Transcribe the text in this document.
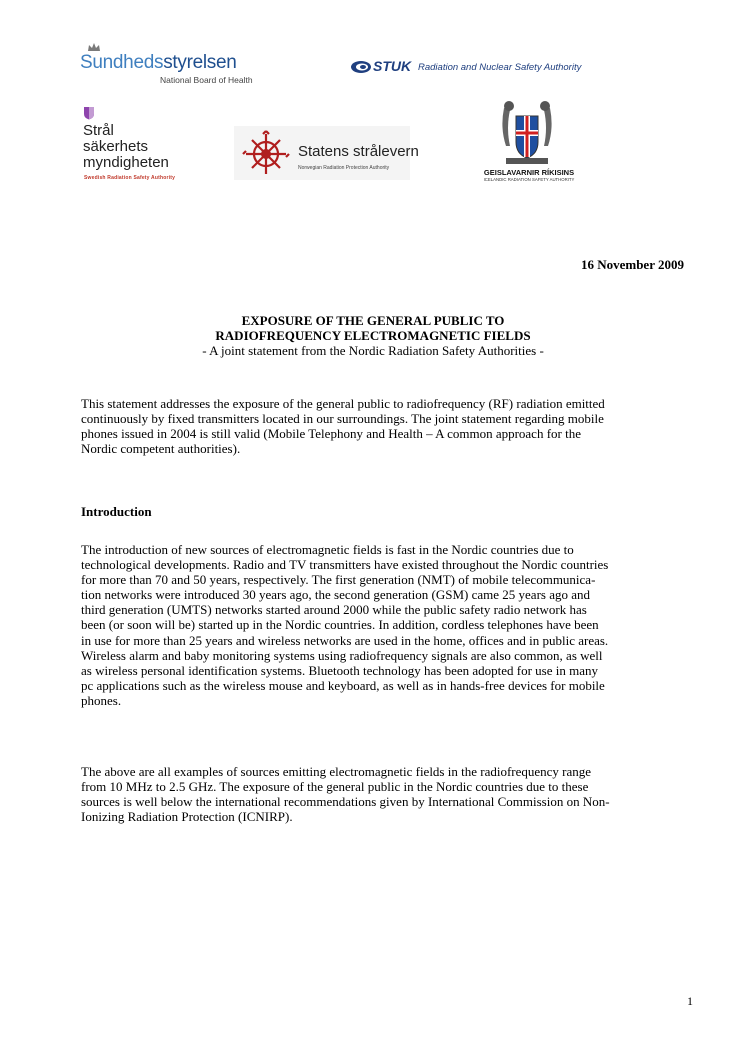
Sundhedsstyrelsen
National Board of Health
STUK Radiation and Nuclear Safety Authority
Strål
säkerhets
myndigheten
Swedish Radiation Safety Authority
Statens strålevern
Norwegian Radiation Protection Authority	GEISLAVARNIR RÍKISINS
ICELANDIC RADIATION SAFETY AUTHORITY
16 November 2009
EXPOSURE OF THE GENERAL PUBLIC TO
RADIOFREQUENCY ELECTROMAGNETIC FIELDS
- A joint statement from the Nordic Radiation Safety Authorities -
This statement addresses the exposure of the general public to radiofrequency (RF) radiation emitted
continuously by fixed transmitters located in our surroundings. The joint statement regarding mobile
phones issued in 2004 is still valid (Mobile Telephony and Health – A common approach for the
Nordic competent authorities).
Introduction
The introduction of new sources of electromagnetic fields is fast in the Nordic countries due to
technological developments. Radio and TV transmitters have existed throughout the Nordic countries
for more than 70 and 50 years, respectively. The first generation (NMT) of mobile telecommunica-
tion networks were introduced 30 years ago, the second generation (GSM) came 25 years ago and
third generation (UMTS) networks started around 2000 while the public safety radio network has
been (or soon will be) started up in the Nordic countries. In addition, cordless telephones have been
in use for more than 25 years and wireless networks are used in the home, offices and in public areas.
Wireless alarm and baby monitoring systems using radiofrequency signals are also common, as well
as wireless personal identification systems. Bluetooth technology has been adopted for use in many
pc applications such as the wireless mouse and keyboard, as well as in hands-free devices for mobile
phones.
The above are all examples of sources emitting electromagnetic fields in the radiofrequency range
from 10 MHz to 2.5 GHz. The exposure of the general public in the Nordic countries due to these
sources is well below the international recommendations given by International Commission on Non-
Ionizing Radiation Protection (ICNIRP).
1
